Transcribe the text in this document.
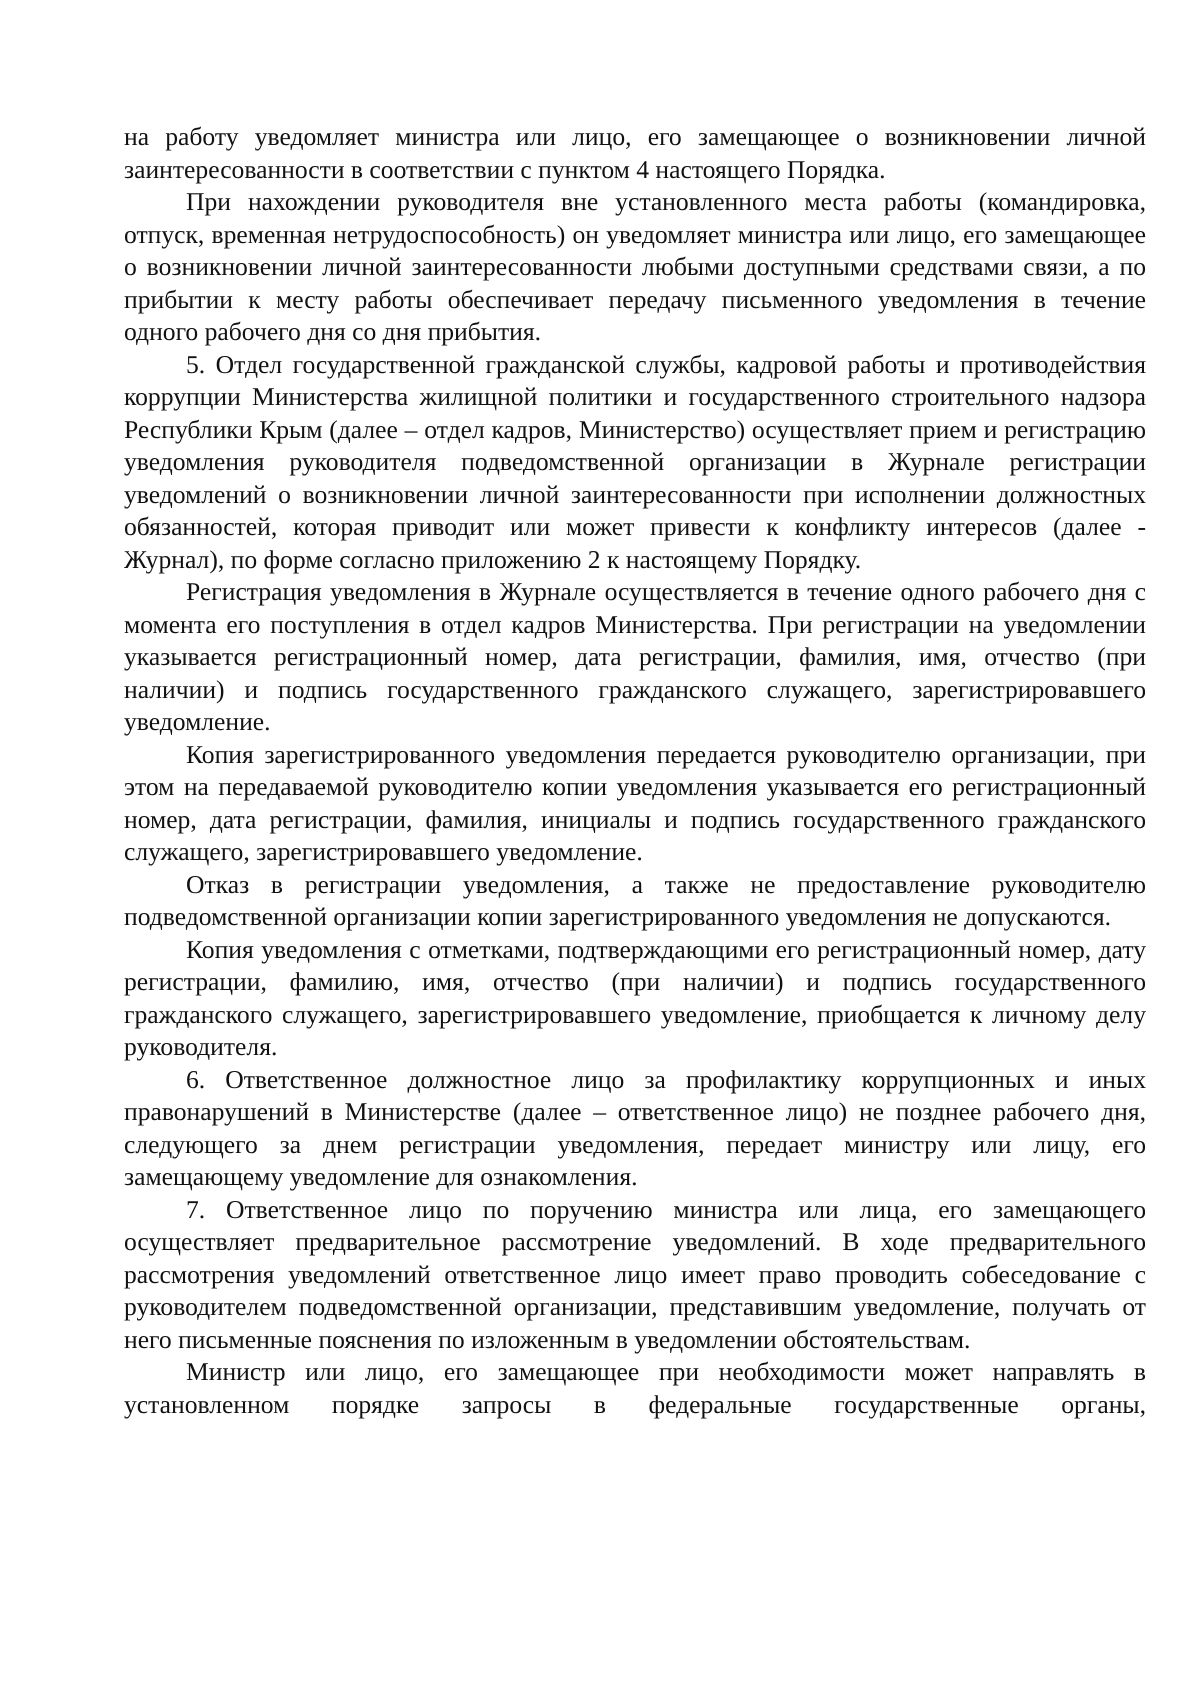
на работу уведомляет министра или лицо, его замещающее о возникновении личной заинтересованности в соответствии с пунктом 4 настоящего Порядка.

При нахождении руководителя вне установленного места работы (командировка, отпуск, временная нетрудоспособность) он уведомляет министра или лицо, его замещающее о возникновении личной заинтересованности любыми доступными средствами связи, а по прибытии к месту работы обеспечивает передачу письменного уведомления в течение одного рабочего дня со дня прибытия.

5. Отдел государственной гражданской службы, кадровой работы и противодействия коррупции Министерства жилищной политики и государственного строительного надзора Республики Крым (далее – отдел кадров, Министерство) осуществляет прием и регистрацию уведомления руководителя подведомственной организации в Журнале регистрации уведомлений о возникновении личной заинтересованности при исполнении должностных обязанностей, которая приводит или может привести к конфликту интересов (далее - Журнал), по форме согласно приложению 2 к настоящему Порядку.

Регистрация уведомления в Журнале осуществляется в течение одного рабочего дня с момента его поступления в отдел кадров Министерства. При регистрации на уведомлении указывается регистрационный номер, дата регистрации, фамилия, имя, отчество (при наличии) и подпись государственного гражданского служащего, зарегистрировавшего уведомление.

Копия зарегистрированного уведомления передается руководителю организации, при этом на передаваемой руководителю копии уведомления указывается его регистрационный номер, дата регистрации, фамилия, инициалы и подпись государственного гражданского служащего, зарегистрировавшего уведомление.

Отказ в регистрации уведомления, а также не предоставление руководителю подведомственной организации копии зарегистрированного уведомления не допускаются.

Копия уведомления с отметками, подтверждающими его регистрационный номер, дату регистрации, фамилию, имя, отчество (при наличии) и подпись государственного гражданского служащего, зарегистрировавшего уведомление, приобщается к личному делу руководителя.

6. Ответственное должностное лицо за профилактику коррупционных и иных правонарушений в Министерстве (далее – ответственное лицо) не позднее рабочего дня, следующего за днем регистрации уведомления, передает министру или лицу, его замещающему уведомление для ознакомления.

7. Ответственное лицо по поручению министра или лица, его замещающего осуществляет предварительное рассмотрение уведомлений. В ходе предварительного рассмотрения уведомлений ответственное лицо имеет право проводить собеседование с руководителем подведомственной организации, представившим уведомление, получать от него письменные пояснения по изложенным в уведомлении обстоятельствам.

Министр или лицо, его замещающее при необходимости может направлять в установленном порядке запросы в федеральные государственные органы,
